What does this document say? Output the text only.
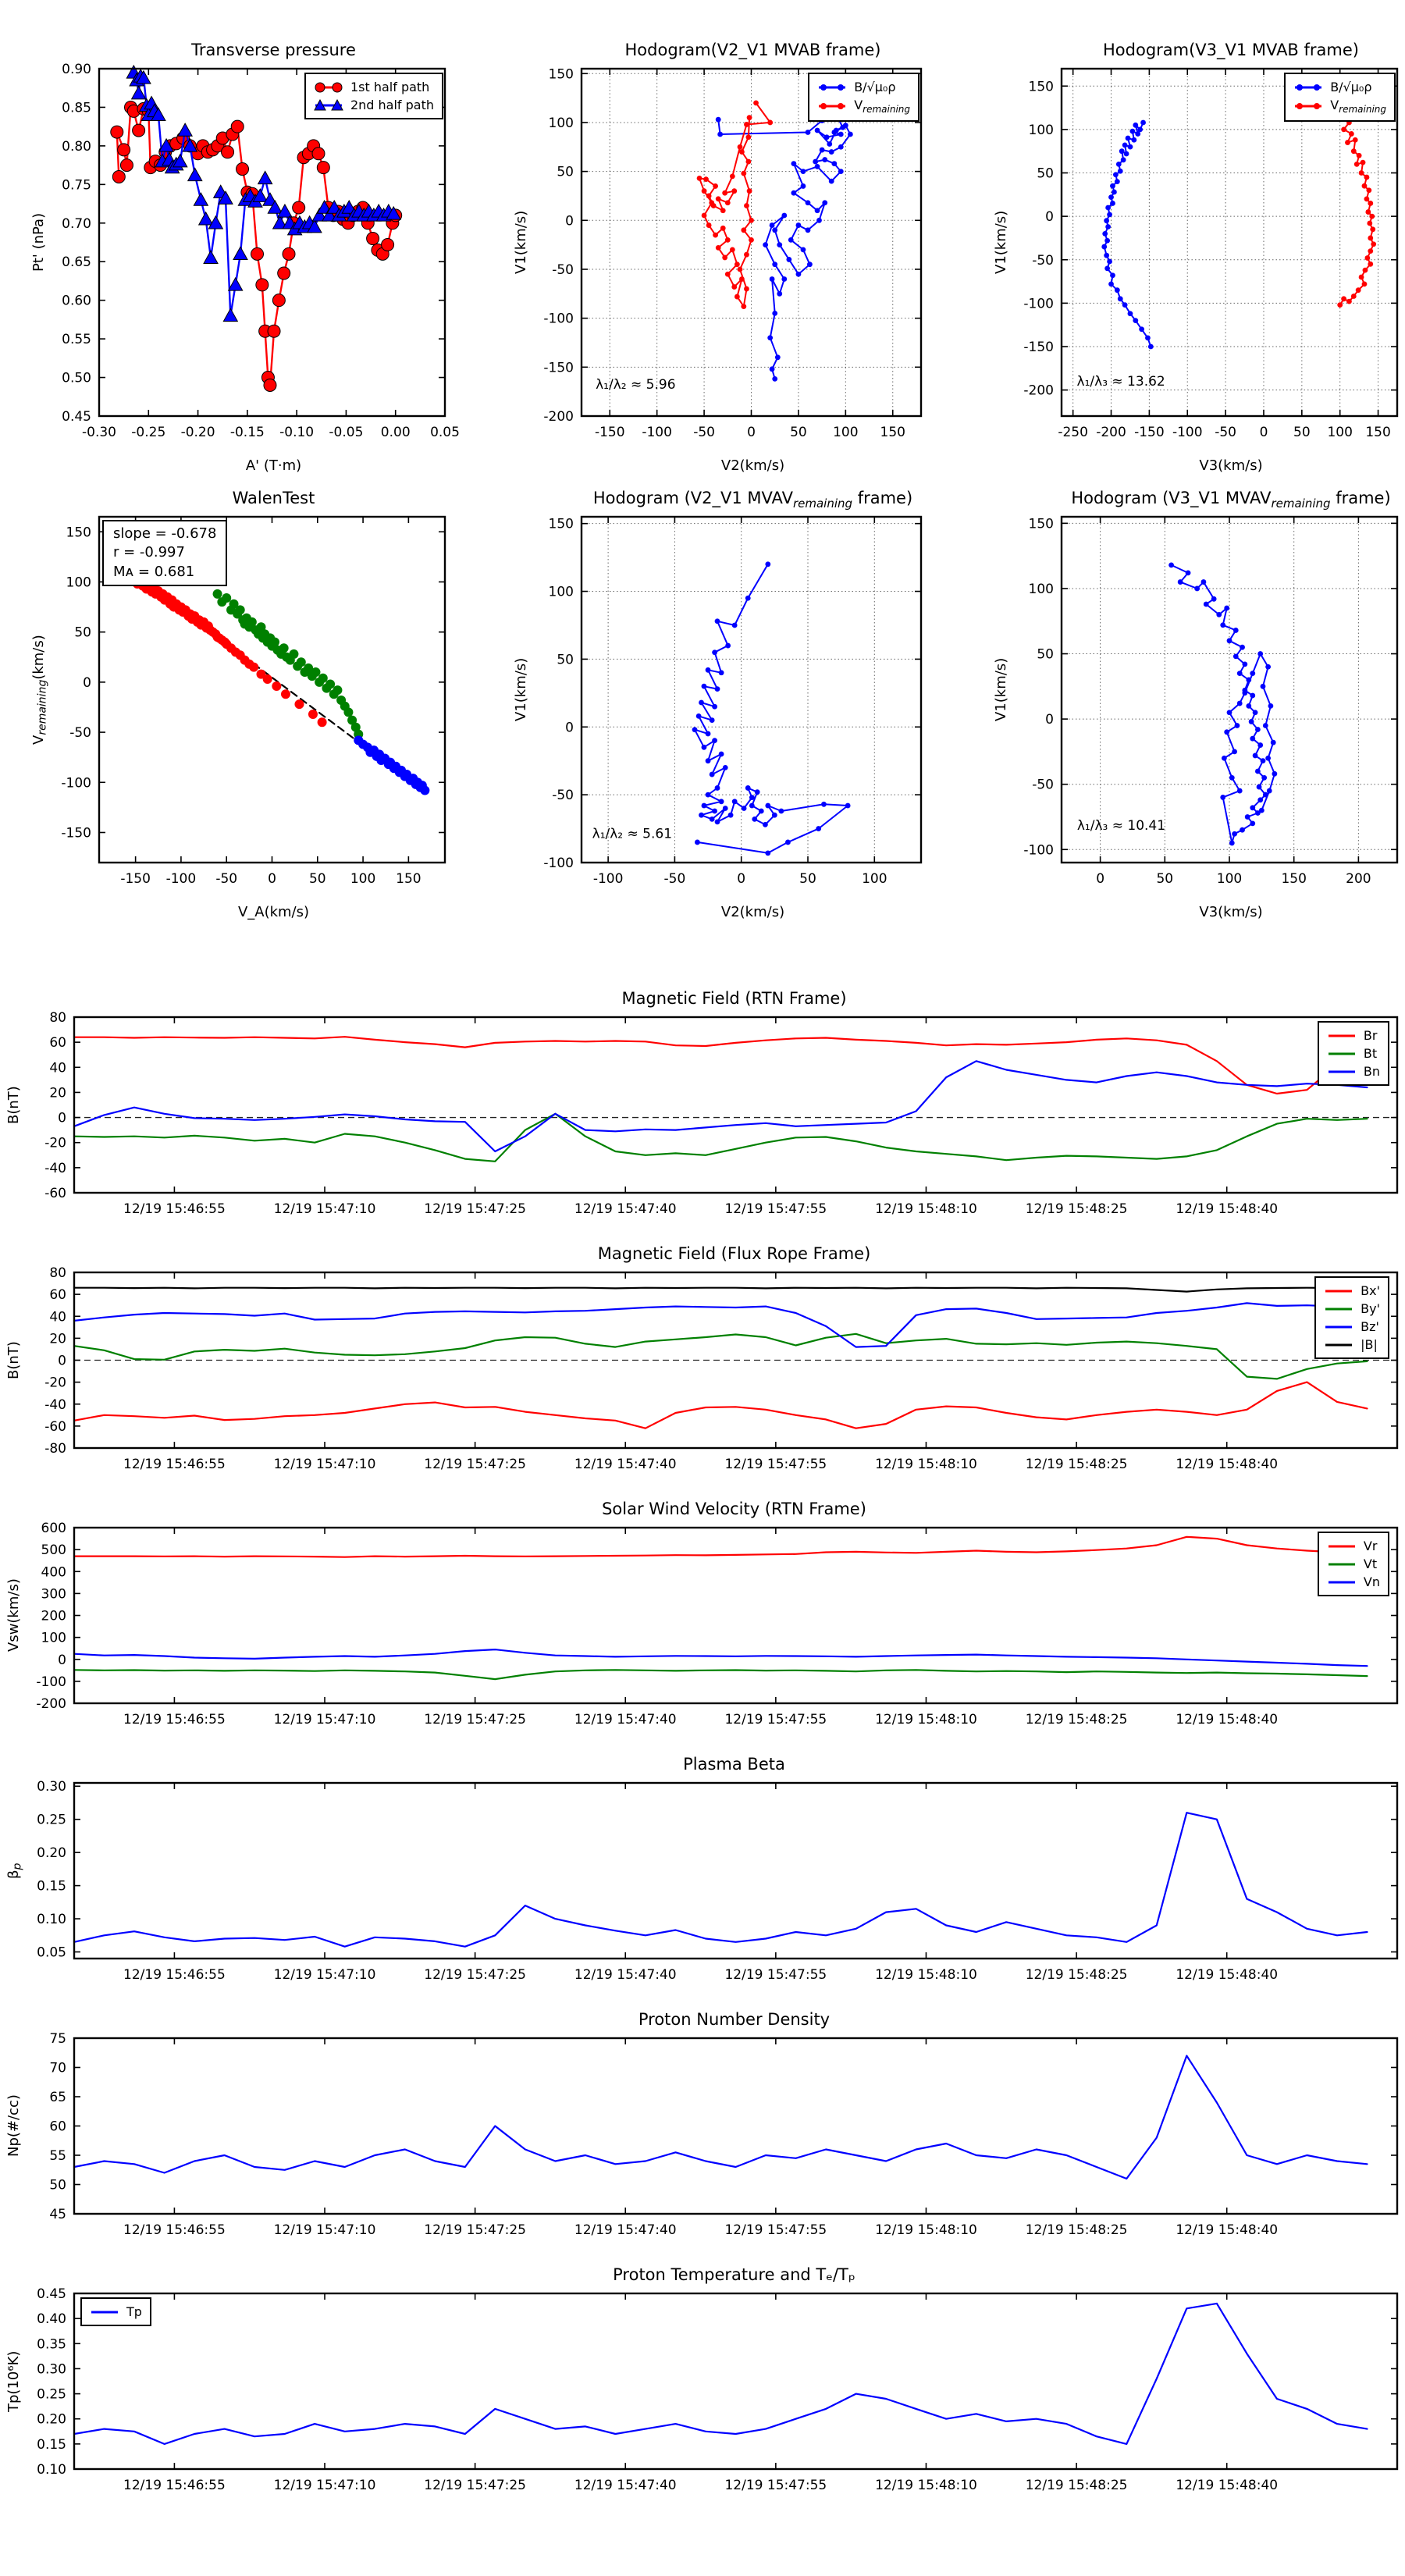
Transverse pressure
Pt' (nPa)
-0.30 -0.25 -0.20 -0.15 -0.10 -0.05 0.00 0.05
0.45
0.50
0.55
0.60
0.65
0.70
0.75
0.80
0.85
0.90
A' (T·m)
1st half path
2nd half path
Hodogram(V2_V1 MVAB frame)
V1(km/s)
-150 -100 -50 0	50 100 150
-200
-150
-100
-50
0
50
100
150
λ₁/λ₂ ≈ 5.96
V2(km/s)
B/√μ₀ρ
$V_{remaining}$
Hodogram(V3_V1 MVAB frame)
V1(km/s)
-250 -200 -150 -100 -50 0 50 100 150
-200
-150
-100
-50
0
50
100
150
λ₁/λ₃ ≈ 13.62
V3(km/s)
B/√μ₀ρ
$V_{remaining}$
WalenTest
$V_{remaining}(km/s)$
-150 -100 -50 0 50 100 150
-150
-100
-50
0
50
100
150
V_A(km/s)
slope = -0.678
r = -0.997
Mᴀ = 0.681
Hodogram (V2_V1 $MVAV_{remaining}$ frame)
V1(km/s)
-100	-50	0	50	100
-100
-50
0
50
100
150
λ₁/λ₂ ≈ 5.61
V2(km/s)
Hodogram (V3_V1 $MVAV_{remaining}$ frame)
V1(km/s)
0	50	100	150	200
-100
-50
0
50
100
150
λ₁/λ₃ ≈ 10.41
V3(km/s)
Magnetic Field (RTN Frame)
B(nT)
12/19 15:46:55	12/19 15:47:10	12/19 15:47:25	12/19 15:47:40	12/19 15:47:55	12/19 15:48:10	12/19 15:48:25	12/19 15:48:40
-60
-40
-20
0
20
40
60
80
Br
Bt
Bn
Magnetic Field (Flux Rope Frame)
B(nT)
12/19 15:46:55	12/19 15:47:10	12/19 15:47:25	12/19 15:47:40	12/19 15:47:55	12/19 15:48:10	12/19 15:48:25	12/19 15:48:40
-80
-60
-40
-20
0
20
40
60
80
Bx'
By'
Bz'
|B|
Solar Wind Velocity (RTN Frame)
Vsw(km/s)
12/19 15:46:55	12/19 15:47:10	12/19 15:47:25	12/19 15:47:40	12/19 15:47:55	12/19 15:48:10	12/19 15:48:25	12/19 15:48:40
-200
-100
0
100
200
300
400
500
600
Vr
Vt
Vn
Plasma Beta
$\beta_p$
12/19 15:46:55	12/19 15:47:10	12/19 15:47:25	12/19 15:47:40	12/19 15:47:55	12/19 15:48:10	12/19 15:48:25	12/19 15:48:40
0.05
0.10
0.15
0.20
0.25
0.30
Proton Number Density
Np(#/cc)
12/19 15:46:55	12/19 15:47:10	12/19 15:47:25	12/19 15:47:40	12/19 15:47:55	12/19 15:48:10	12/19 15:48:25	12/19 15:48:40
45
50
55
60
65
70
75
Proton Temperature and Tₑ/Tₚ
Tp(10⁶K)
12/19 15:46:55	12/19 15:47:10	12/19 15:47:25	12/19 15:47:40	12/19 15:47:55	12/19 15:48:10	12/19 15:48:25	12/19 15:48:40
0.10
0.15
0.20
0.25
0.30
0.35
0.40
0.45
Tp
